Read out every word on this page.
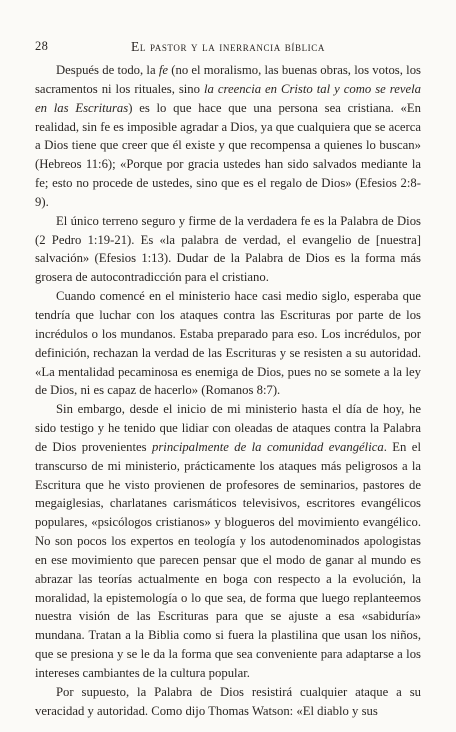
28	El pastor y la inerrancia bíblica

Después de todo, la fe (no el moralismo, las buenas obras, los votos, los sacramentos ni los rituales, sino la creencia en Cristo tal y como se revela en las Escrituras) es lo que hace que una persona sea cristiana. «En realidad, sin fe es imposible agradar a Dios, ya que cualquiera que se acerca a Dios tiene que creer que él existe y que recompensa a quienes lo buscan» (Hebreos 11:6); «Porque por gracia ustedes han sido salvados mediante la fe; esto no procede de ustedes, sino que es el regalo de Dios» (Efesios 2:8-9).

El único terreno seguro y firme de la verdadera fe es la Palabra de Dios (2 Pedro 1:19-21). Es «la palabra de verdad, el evangelio de [nuestra] salvación» (Efesios 1:13). Dudar de la Palabra de Dios es la forma más grosera de autocontradicción para el cristiano.

Cuando comencé en el ministerio hace casi medio siglo, esperaba que tendría que luchar con los ataques contra las Escrituras por parte de los incrédulos o los mundanos. Estaba preparado para eso. Los incrédulos, por definición, rechazan la verdad de las Escrituras y se resisten a su autoridad. «La mentalidad pecaminosa es enemiga de Dios, pues no se somete a la ley de Dios, ni es capaz de hacerlo» (Romanos 8:7).

Sin embargo, desde el inicio de mi ministerio hasta el día de hoy, he sido testigo y he tenido que lidiar con oleadas de ataques contra la Palabra de Dios provenientes principalmente de la comunidad evangélica. En el transcurso de mi ministerio, prácticamente los ataques más peligrosos a la Escritura que he visto provienen de profesores de seminarios, pastores de megaiglesias, charlatanes carismáticos televisivos, escritores evangélicos populares, «psicólogos cristianos» y blogueros del movimiento evangélico. No son pocos los expertos en teología y los autodenominados apologistas en ese movimiento que parecen pensar que el modo de ganar al mundo es abrazar las teorías actualmente en boga con respecto a la evolución, la moralidad, la epistemología o lo que sea, de forma que luego replanteemos nuestra visión de las Escrituras para que se ajuste a esa «sabiduría» mundana. Tratan a la Biblia como si fuera la plastilina que usan los niños, que se presiona y se le da la forma que sea conveniente para adaptarse a los intereses cambiantes de la cultura popular.

Por supuesto, la Palabra de Dios resistirá cualquier ataque a su veracidad y autoridad. Como dijo Thomas Watson: «El diablo y sus
